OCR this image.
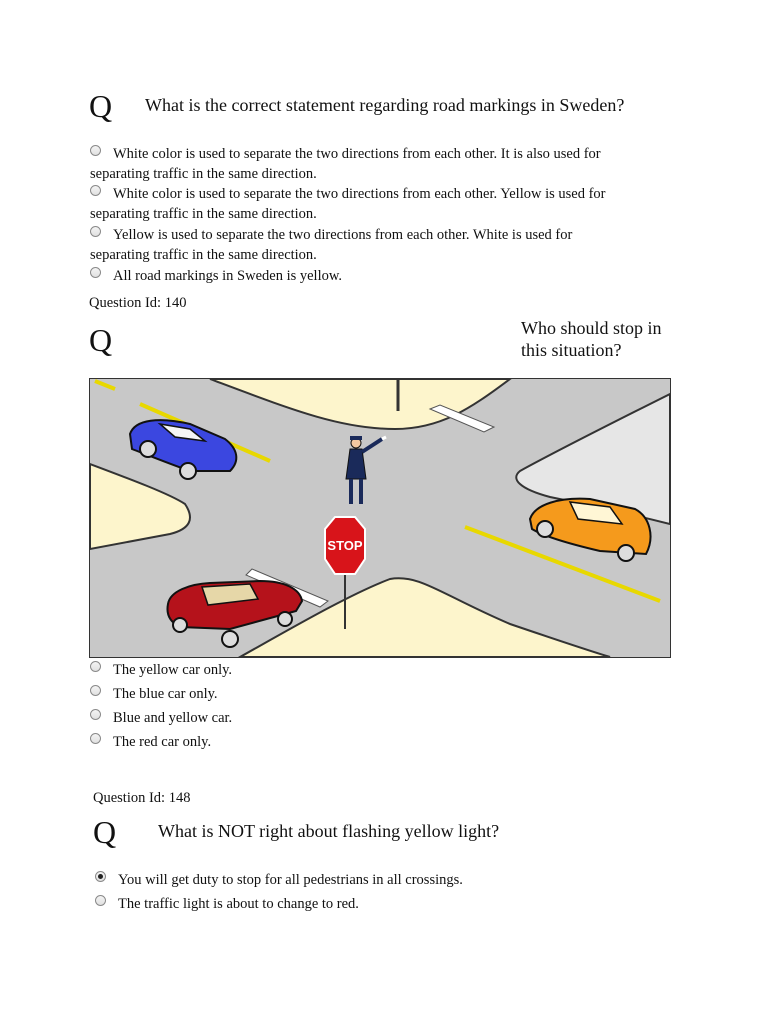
Q What is the correct statement regarding road markings in Sweden?
White color is used to separate the two directions from each other. It is also used for
separating traffic in the same direction.
White color is used to separate the two directions from each other. Yellow is used for
separating traffic in the same direction.
Yellow is used to separate the two directions from each other. White is used for
separating traffic in the same direction.
All road markings in Sweden is yellow.
Question Id: 140
Q	Who should stop in
this situation?
STOP
The yellow car only.
The blue car only.
Blue and yellow car.
The red car only.
Question Id: 148
Q What is NOT right about flashing yellow light?
You will get duty to stop for all pedestrians in all crossings.
The traffic light is about to change to red.
